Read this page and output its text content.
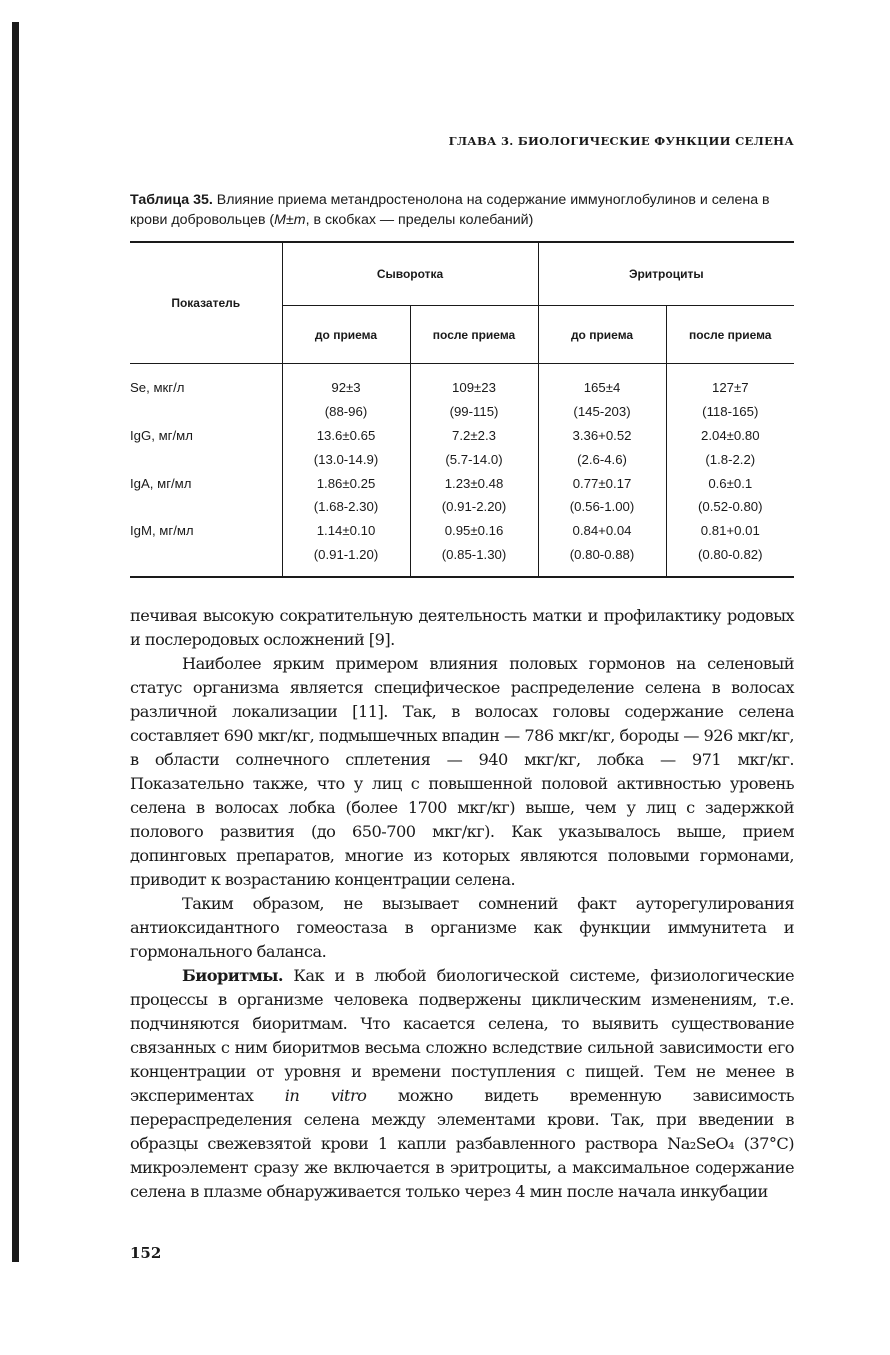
ГЛАВА 3. БИОЛОГИЧЕСКИЕ ФУНКЦИИ СЕЛЕНА
Таблица 35. Влияние приема метандростенолона на содержание иммуноглобулинов и селена в крови добровольцев (M±m, в скобках — пределы колебаний)
Показатель	Сыворотка		Эритроциты	
	до приема	после приема	до приема	после приема
Se, мкг/л	92±3	109±23	165±4	127±7
	(88-96)	(99-115)	(145-203)	(118-165)
IgG, мг/мл	13.6±0.65	7.2±2.3	3.36+0.52	2.04±0.80
	(13.0-14.9)	(5.7-14.0)	(2.6-4.6)	(1.8-2.2)
IgA, мг/мл	1.86±0.25	1.23±0.48	0.77±0.17	0.6±0.1
	(1.68-2.30)	(0.91-2.20)	(0.56-1.00)	(0.52-0.80)
IgM, мг/мл	1.14±0.10	0.95±0.16	0.84+0.04	0.81+0.01
	(0.91-1.20)	(0.85-1.30)	(0.80-0.88)	(0.80-0.82)

печивая высокую сократительную деятельность матки и профилактику родовых и послеродовых осложнений [9].

Наиболее ярким примером влияния половых гормонов на селеновый статус организма является специфическое распределение селена в волосах различной локализации [11]. Так, в волосах головы содержание селена составляет 690 мкг/кг, подмышечных впадин — 786 мкг/кг, бороды — 926 мкг/кг, в области солнечного сплетения — 940 мкг/кг, лобка — 971 мкг/кг. Показательно также, что у лиц с повышенной половой активностью уровень селена в волосах лобка (более 1700 мкг/кг) выше, чем у лиц с задержкой полового развития (до 650-700 мкг/кг). Как указывалось выше, прием допинговых препаратов, многие из которых являются половыми гормонами, приводит к возрастанию концентрации селена.

Таким образом, не вызывает сомнений факт ауторегулирования антиоксидантного гомеостаза в организме как функции иммунитета и гормонального баланса.

Биоритмы. Как и в любой биологической системе, физиологические процессы в организме человека подвержены циклическим изменениям, т.е. подчиняются биоритмам. Что касается селена, то выявить существование связанных с ним биоритмов весьма сложно вследствие сильной зависимости его концентрации от уровня и времени поступления с пищей. Тем не менее в экспериментах in vitro можно видеть временную зависимость перераспределения селена между элементами крови. Так, при введении в образцы свежевзятой крови 1 капли разбавленного раствора Na₂SeO₄ (37°С) микроэлемент сразу же включается в эритроциты, а максимальное содержание селена в плазме обнаруживается только через 4 мин после начала инкубации

152
